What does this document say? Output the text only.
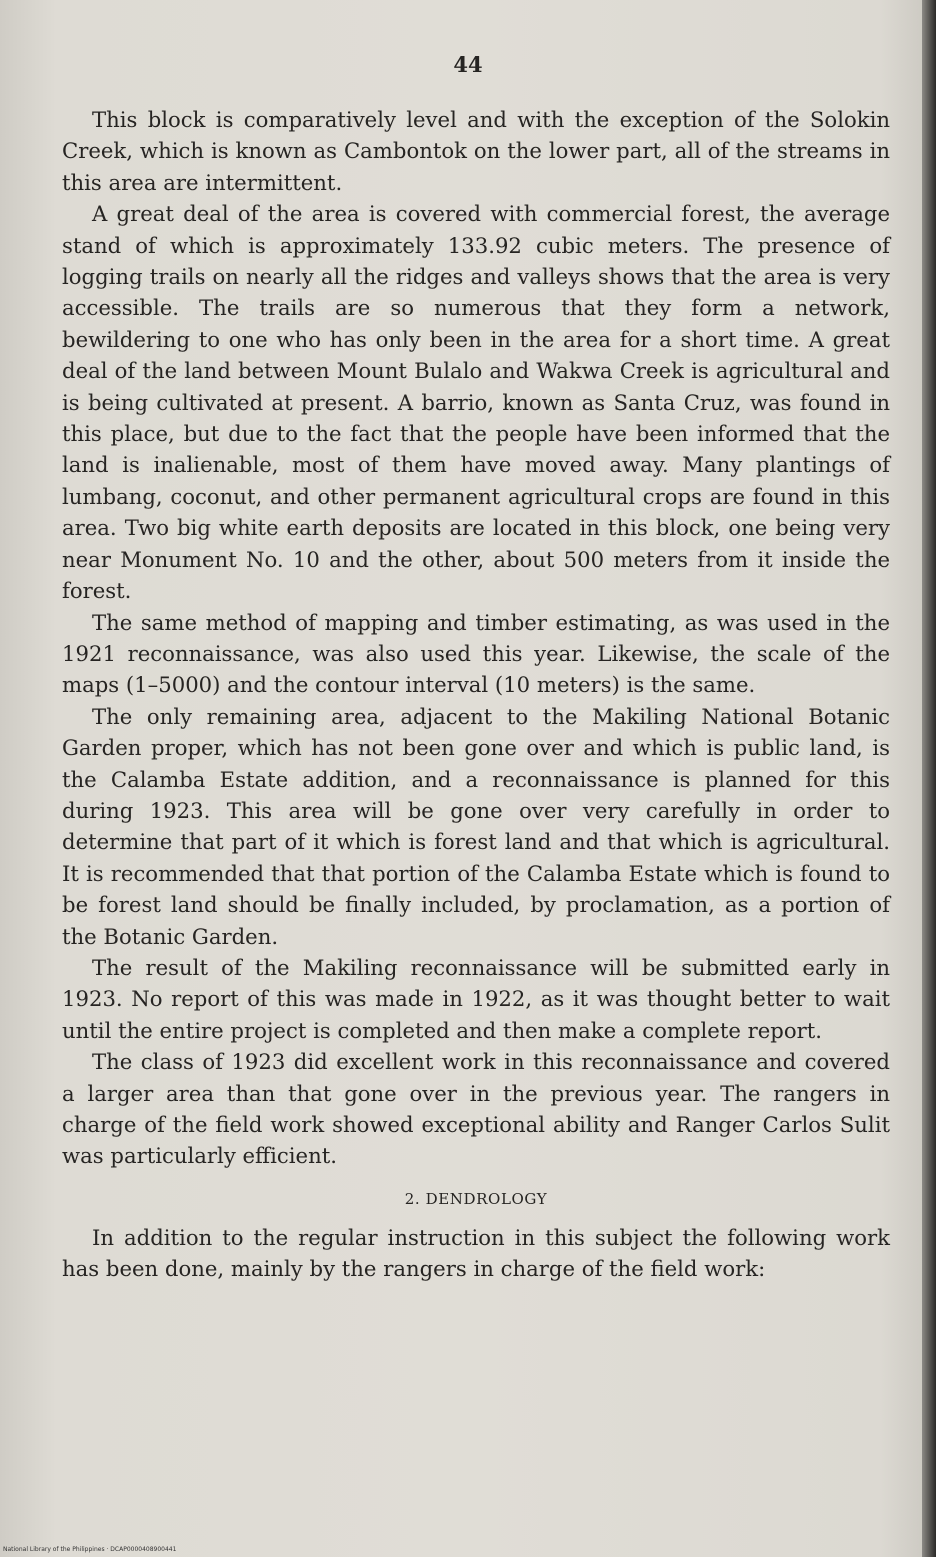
44

This block is comparatively level and with the exception of the Solokin Creek, which is known as Cambontok on the lower part, all of the streams in this area are intermittent.

A great deal of the area is covered with commercial forest, the average stand of which is approximately 133.92 cubic meters. The presence of logging trails on nearly all the ridges and valleys shows that the area is very accessible. The trails are so numerous that they form a network, bewildering to one who has only been in the area for a short time. A great deal of the land between Mount Bulalo and Wakwa Creek is agricultural and is being cultivated at present. A barrio, known as Santa Cruz, was found in this place, but due to the fact that the people have been informed that the land is inalienable, most of them have moved away. Many plantings of lumbang, coconut, and other permanent agricultural crops are found in this area. Two big white earth deposits are located in this block, one being very near Monument No. 10 and the other, about 500 meters from it inside the forest.

The same method of mapping and timber estimating, as was used in the 1921 reconnaissance, was also used this year. Likewise, the scale of the maps (1–5000) and the contour interval (10 meters) is the same.

The only remaining area, adjacent to the Makiling National Botanic Garden proper, which has not been gone over and which is public land, is the Calamba Estate addition, and a reconnaissance is planned for this during 1923. This area will be gone over very carefully in order to determine that part of it which is forest land and that which is agricultural. It is recommended that that portion of the Calamba Estate which is found to be forest land should be finally included, by proclamation, as a portion of the Botanic Garden.

The result of the Makiling reconnaissance will be submitted early in 1923. No report of this was made in 1922, as it was thought better to wait until the entire project is completed and then make a complete report.

The class of 1923 did excellent work in this reconnaissance and covered a larger area than that gone over in the previous year. The rangers in charge of the field work showed exceptional ability and Ranger Carlos Sulit was particularly efficient.

2. DENDROLOGY

In addition to the regular instruction in this subject the following work has been done, mainly by the rangers in charge of the field work:

National Library of the Philippines · DCAP0000408900441
